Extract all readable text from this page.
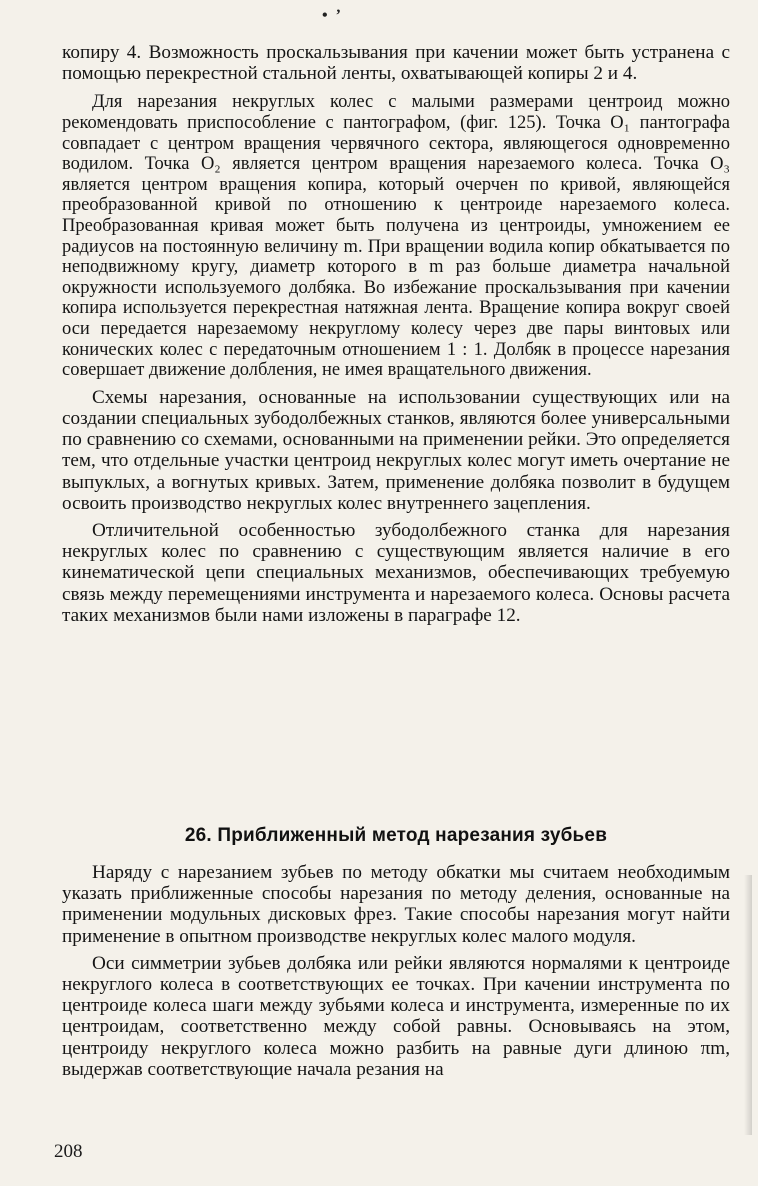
• ’

копиру 4. Возможность проскальзывания при качении может быть устранена с помощью перекрестной стальной ленты, охватывающей копиры 2 и 4.

Для нарезания некруглых колес с малыми размерами центроид можно рекомендовать приспособление с пантографом, (фиг. 125). Точка O₁ пантографа совпадает с центром вращения червячного сектора, являющегося одновременно водилом. Точка O₂ является центром вращения нарезаемого колеса. Точка O₃ является центром вращения копира, который очерчен по кривой, являющейся преобразованной кривой по отношению к центроиде нарезаемого колеса. Преобразованная кривая может быть получена из центроиды, умножением ее радиусов на постоянную величину m. При вращении водила копир обкатывается по неподвижному кругу, диаметр которого в m раз больше диаметра начальной окружности используемого долбяка. Во избежание проскальзывания при качении копира используется перекрестная натяжная лента. Вращение копира вокруг своей оси передается нарезаемому некруглому колесу через две пары винтовых или конических колес с передаточным отношением 1 : 1. Долбяк в процессе нарезания совершает движение долбления, не имея вращательного движения.

Схемы нарезания, основанные на использовании существующих или на создании специальных зубодолбежных станков, являются более универсальными по сравнению со схемами, основанными на применении рейки. Это определяется тем, что отдельные участки центроид некруглых колес могут иметь очертание не выпуклых, а вогнутых кривых. Затем, применение долбяка позволит в будущем освоить производство некруглых колес внутреннего зацепления.

Отличительной особенностью зубодолбежного станка для нарезания некруглых колес по сравнению с существующим является наличие в его кинематической цепи специальных механизмов, обеспечивающих требуемую связь между перемещениями инструмента и нарезаемого колеса. Основы расчета таких механизмов были нами изложены в параграфе 12.

26. Приближенный метод нарезания зубьев

Наряду с нарезанием зубьев по методу обкатки мы считаем необходимым указать приближенные способы нарезания по методу деления, основанные на применении модульных дисковых фрез. Такие способы нарезания могут найти применение в опытном производстве некруглых колес малого модуля.

Оси симметрии зубьев долбяка или рейки являются нормалями к центроиде некруглого колеса в соответствующих ее точках. При качении инструмента по центроиде колеса шаги между зубьями колеса и инструмента, измеренные по их центроидам, соответственно между собой равны. Основываясь на этом, центроиду некруглого колеса можно разбить на равные дуги длиною πm, выдержав соответствующие начала резания на

208
